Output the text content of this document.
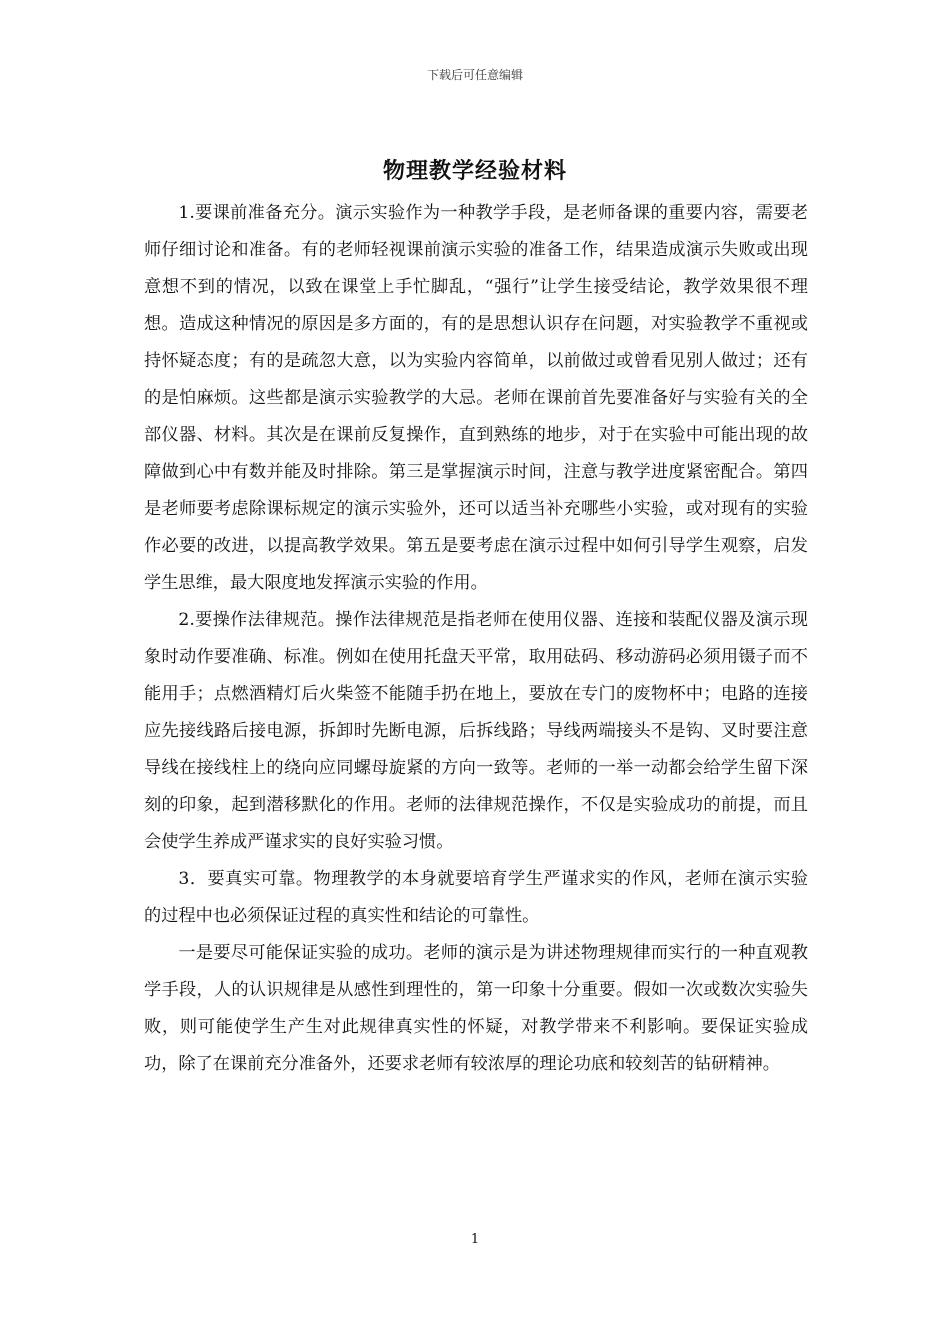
下载后可任意编辑
物理教学经验材料

1.要课前准备充分。演示实验作为一种教学手段，是老师备课的重要内容，需要老师仔细讨论和准备。有的老师轻视课前演示实验的准备工作，结果造成演示失败或出现意想不到的情况，以致在课堂上手忙脚乱，“强行”让学生接受结论，教学效果很不理想。造成这种情况的原因是多方面的，有的是思想认识存在问题，对实验教学不重视或持怀疑态度；有的是疏忽大意，以为实验内容简单，以前做过或曾看见别人做过；还有的是怕麻烦。这些都是演示实验教学的大忌。老师在课前首先要准备好与实验有关的全部仪器、材料。其次是在课前反复操作，直到熟练的地步，对于在实验中可能出现的故障做到心中有数并能及时排除。第三是掌握演示时间，注意与教学进度紧密配合。第四是老师要考虑除课标规定的演示实验外，还可以适当补充哪些小实验，或对现有的实验作必要的改进，以提高教学效果。第五是要考虑在演示过程中如何引导学生观察，启发学生思维，最大限度地发挥演示实验的作用。

2.要操作法律规范。操作法律规范是指老师在使用仪器、连接和装配仪器及演示现象时动作要准确、标准。例如在使用托盘天平常，取用砝码、移动游码必须用镊子而不能用手；点燃酒精灯后火柴签不能随手扔在地上，要放在专门的废物杯中；电路的连接应先接线路后接电源，拆卸时先断电源，后拆线路；导线两端接头不是钩、叉时要注意导线在接线柱上的绕向应同螺母旋紧的方向一致等。老师的一举一动都会给学生留下深刻的印象，起到潜移默化的作用。老师的法律规范操作，不仅是实验成功的前提，而且会使学生养成严谨求实的良好实验习惯。

3．要真实可靠。物理教学的本身就要培育学生严谨求实的作风，老师在演示实验的过程中也必须保证过程的真实性和结论的可靠性。

一是要尽可能保证实验的成功。老师的演示是为讲述物理规律而实行的一种直观教学手段，人的认识规律是从感性到理性的，第一印象十分重要。假如一次或数次实验失败，则可能使学生产生对此规律真实性的怀疑，对教学带来不利影响。要保证实验成功，除了在课前充分准备外，还要求老师有较浓厚的理论功底和较刻苦的钻研精神。

1
